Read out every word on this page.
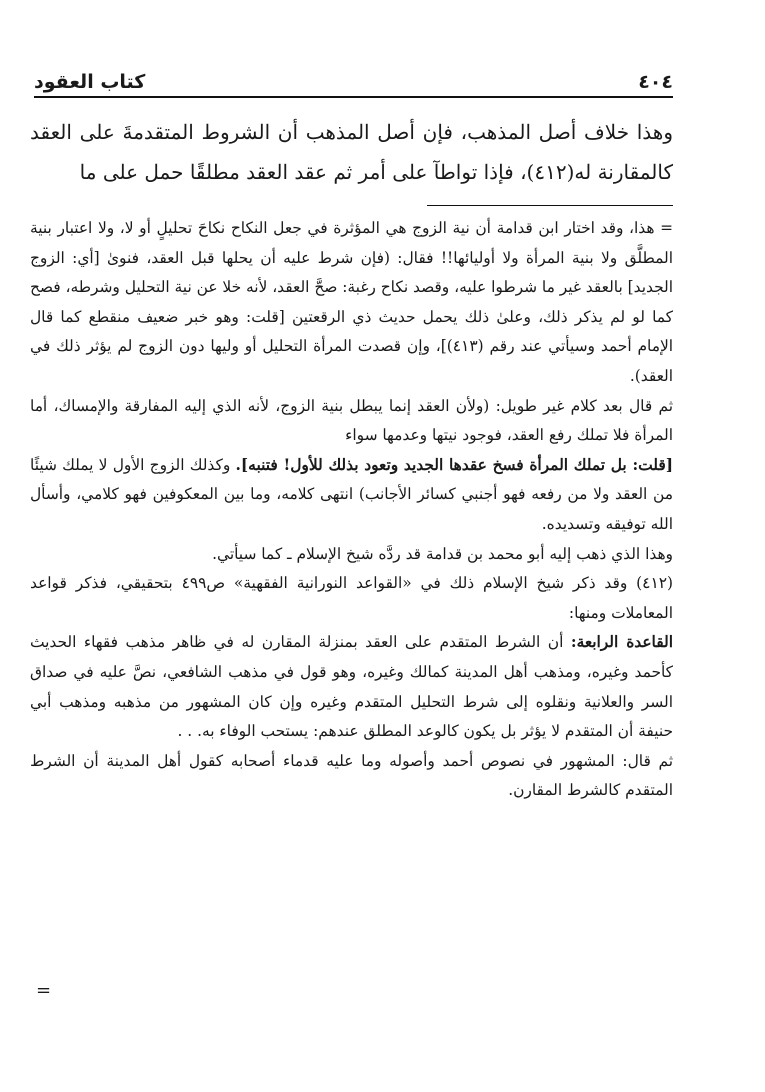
كتاب العقود	٤٠٤

وهذا خلاف أصل المذهب، فإن أصل المذهب أن الشروط المتقدمةَ على العقد كالمقارنة له(٤١٢)، فإذا تواطآ على أمر ثم عقد العقد مطلقًا حمل على ما

= هذا، وقد اختار ابن قدامة أن نية الزوج هي المؤثرة في جعل النكاح نكاحَ تحليلٍ أو لا، ولا اعتبار بنية المطلَّق ولا بنية المرأة ولا أوليائها!! فقال: (فإن شرط عليه أن يحلها قبل العقد، فنوىٰ [أي: الزوج الجديد] بالعقد غير ما شرطوا عليه، وقصد نكاح رغبة: صحَّ العقد، لأنه خلا عن نية التحليل وشرطه، فصح كما لو لم يذكر ذلك، وعلىٰ ذلك يحمل حديث ذي الرقعتين [قلت: وهو خبر ضعيف منقطع كما قال الإمام أحمد وسيأتي عند رقم (٤١٣)]، وإن قصدت المرأة التحليل أو وليها دون الزوج لم يؤثر ذلك في العقد).

ثم قال بعد كلام غير طويل: (ولأن العقد إنما يبطل بنية الزوج، لأنه الذي إليه المفارقة والإمساك، أما المرأة فلا تملك رفع العقد، فوجود نيتها وعدمها سواء
[قلت: بل تملك المرأة فسخ عقدها الجديد وتعود بذلك للأول! فتنبه]. وكذلك الزوج الأول لا يملك شيئًا من العقد ولا من رفعه فهو أجنبي كسائر الأجانب) انتهى كلامه، وما بين المعكوفين فهو كلامي، وأسأل الله توفيقه وتسديده.

وهذا الذي ذهب إليه أبو محمد بن قدامة قد ردَّه شيخ الإسلام ـ كما سيأتي.

(٤١٢) وقد ذكر شيخ الإسلام ذلك في «القواعد النورانية الفقهية» ص٤٩٩ بتحقيقي، فذكر قواعد المعاملات ومنها:

القاعدة الرابعة: أن الشرط المتقدم على العقد بمنزلة المقارن له في ظاهر مذهب فقهاء الحديث كأحمد وغيره، ومذهب أهل المدينة كمالك وغيره، وهو قول في مذهب الشافعي، نصَّ عليه في صداق السر والعلانية ونقلوه إلى شرط التحليل المتقدم وغيره وإن كان المشهور من مذهبه ومذهب أبي حنيفة أن المتقدم لا يؤثر بل يكون كالوعد المطلق عندهم: يستحب الوفاء به. . .

ثم قال: المشهور في نصوص أحمد وأصوله وما عليه قدماء أصحابه كقول أهل المدينة أن الشرط المتقدم كالشرط المقارن.

=
